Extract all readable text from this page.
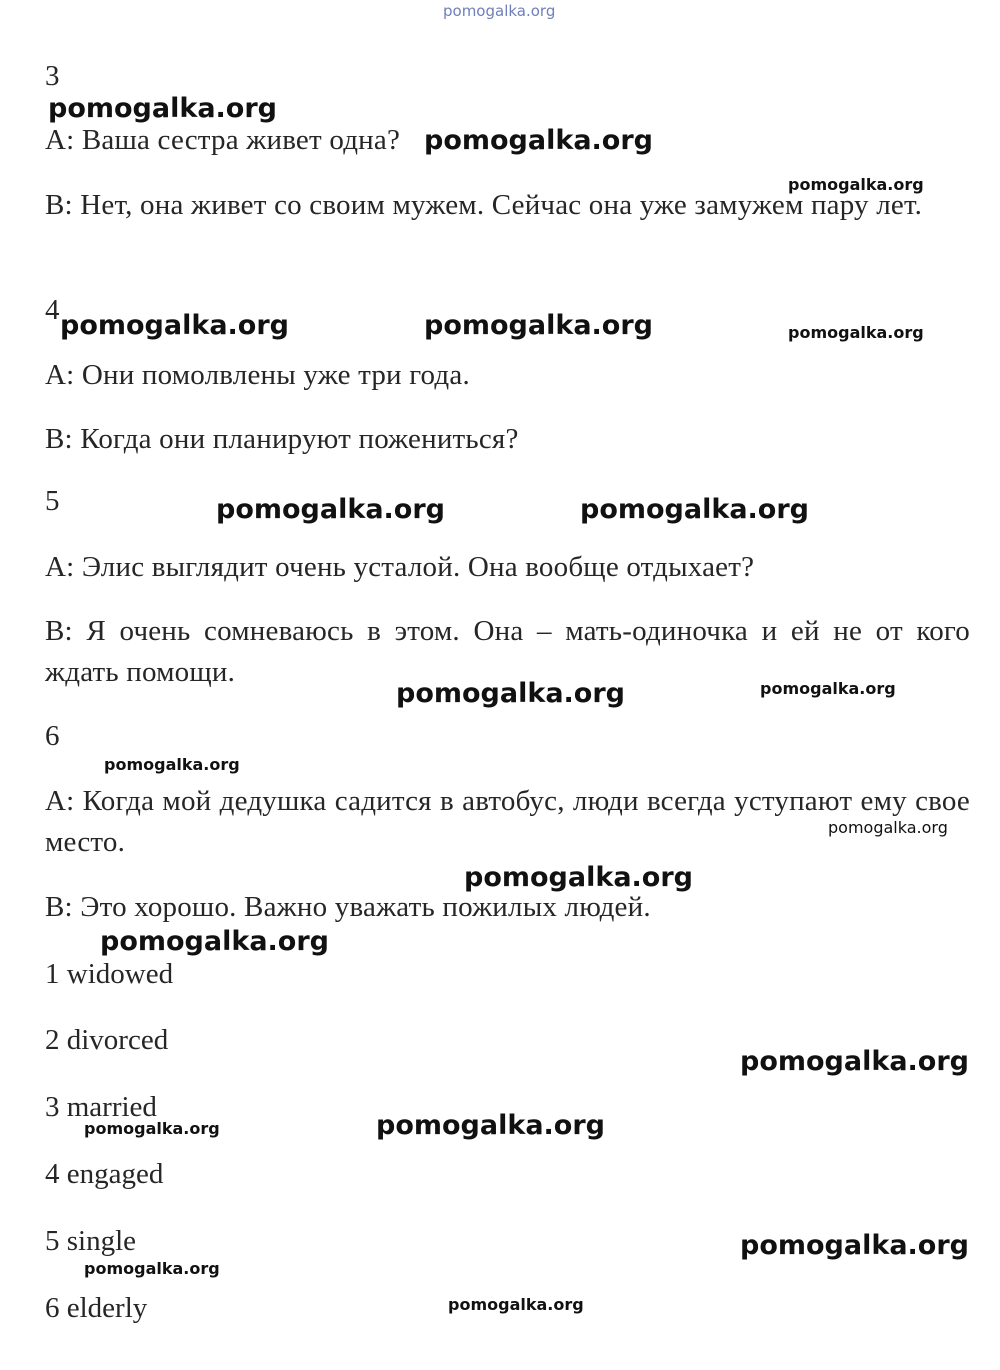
pomogalka.org
3

A: Ваша сестра живет одна?

B: Нет, она живет со своим мужем. Сейчас она уже замужем пару лет.

4

A: Они помолвлены уже три года.

B: Когда они планируют пожениться?

5

A: Элис выглядит очень усталой. Она вообще отдыхает?

B: Я очень сомневаюсь в этом. Она – мать-одиночка и ей не от кого ждать помощи.

6

A: Когда мой дедушка садится в автобус, люди всегда уступают ему свое место.

B: Это хорошо. Важно уважать пожилых людей.

1 widowed
2 divorced
3 married
4 engaged
5 single
6 elderly
pomogalka.org
pomogalka.org
pomogalka.org
pomogalka.org	pomogalka.org	pomogalka.org
pomogalka.org	pomogalka.org
pomogalka.org	pomogalka.org
pomogalka.org
pomogalka.org
pomogalka.org
pomogalka.org
pomogalka.org
pomogalka.org	pomogalka.org
pomogalka.org
pomogalka.org
pomogalka.org
